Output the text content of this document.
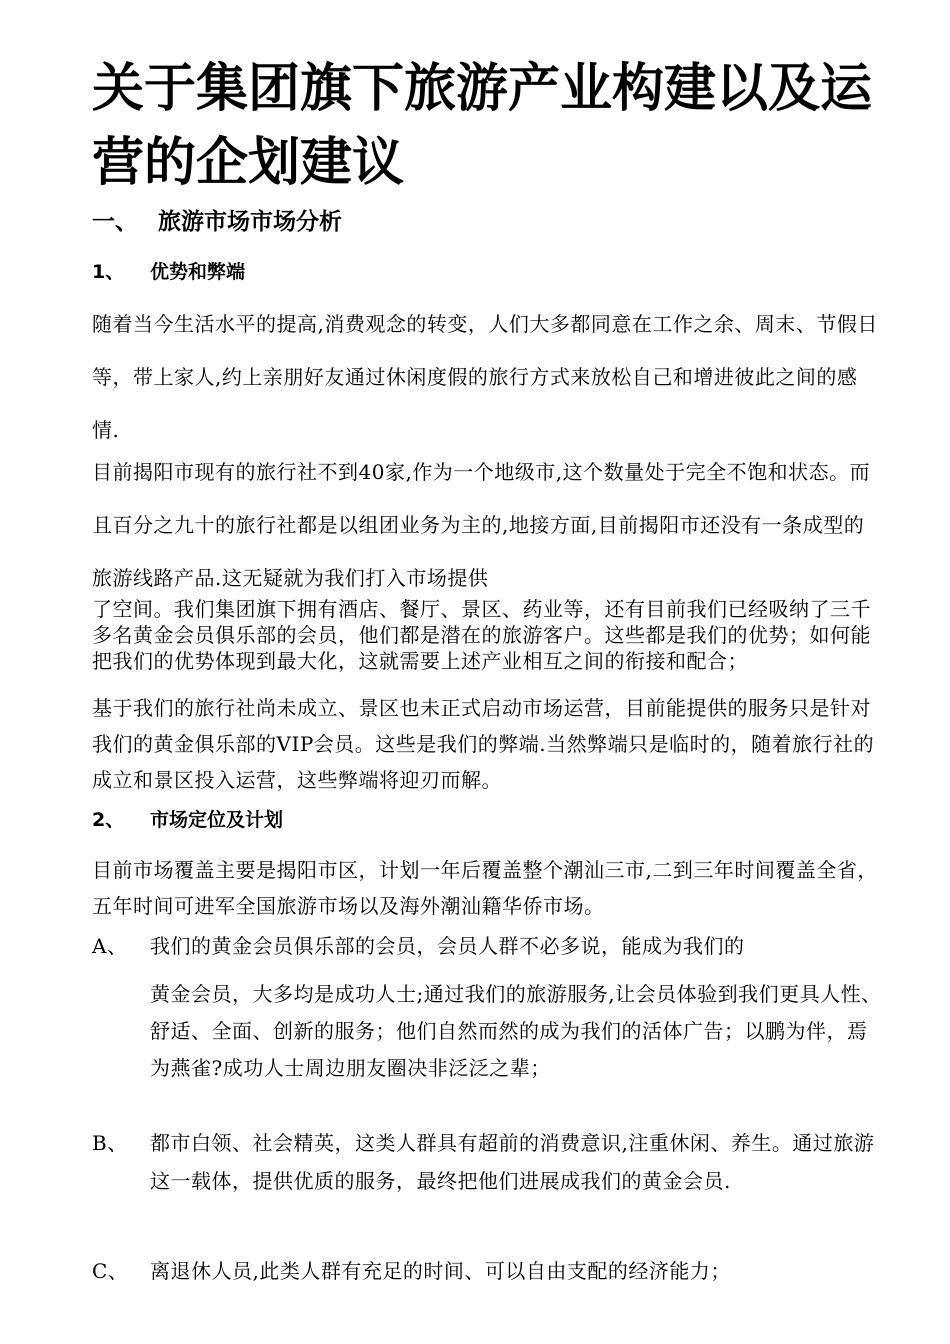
关于集团旗下旅游产业构建以及运营的企划建议
一、 旅游市场市场分析
1、 优势和弊端
随着当今生活水平的提高,消费观念的转变，人们大多都同意在工作之余、周末、节假日等，带上家人,约上亲朋好友通过休闲度假的旅行方式来放松自己和增进彼此之间的感情.
目前揭阳市现有的旅行社不到40家,作为一个地级市,这个数量处于完全不饱和状态。而且百分之九十的旅行社都是以组团业务为主的,地接方面,目前揭阳市还没有一条成型的旅游线路产品.这无疑就为我们打入市场提供
了空间。我们集团旗下拥有酒店、餐厅、景区、药业等，还有目前我们已经吸纳了三千多名黄金会员俱乐部的会员，他们都是潜在的旅游客户。这些都是我们的优势；如何能把我们的优势体现到最大化，这就需要上述产业相互之间的衔接和配合；
基于我们的旅行社尚未成立、景区也未正式启动市场运营，目前能提供的服务只是针对我们的黄金俱乐部的VIP会员。这些是我们的弊端.当然弊端只是临时的，随着旅行社的成立和景区投入运营，这些弊端将迎刃而解。
2、 市场定位及计划
目前市场覆盖主要是揭阳市区，计划一年后覆盖整个潮汕三市,二到三年时间覆盖全省，五年时间可进军全国旅游市场以及海外潮汕籍华侨市场。
A、	我们的黄金会员俱乐部的会员，会员人群不必多说，能成为我们的
黄金会员，大多均是成功人士;通过我们的旅游服务,让会员体验到我们更具人性、舒适、全面、创新的服务；他们自然而然的成为我们的活体广告；以鹏为伴，焉为燕雀?成功人士周边朋友圈决非泛泛之辈；
B、	都市白领、社会精英，这类人群具有超前的消费意识,注重休闲、养生。通过旅游这一载体，提供优质的服务，最终把他们进展成我们的黄金会员.
C、	离退休人员,此类人群有充足的时间、可以自由支配的经济能力；
